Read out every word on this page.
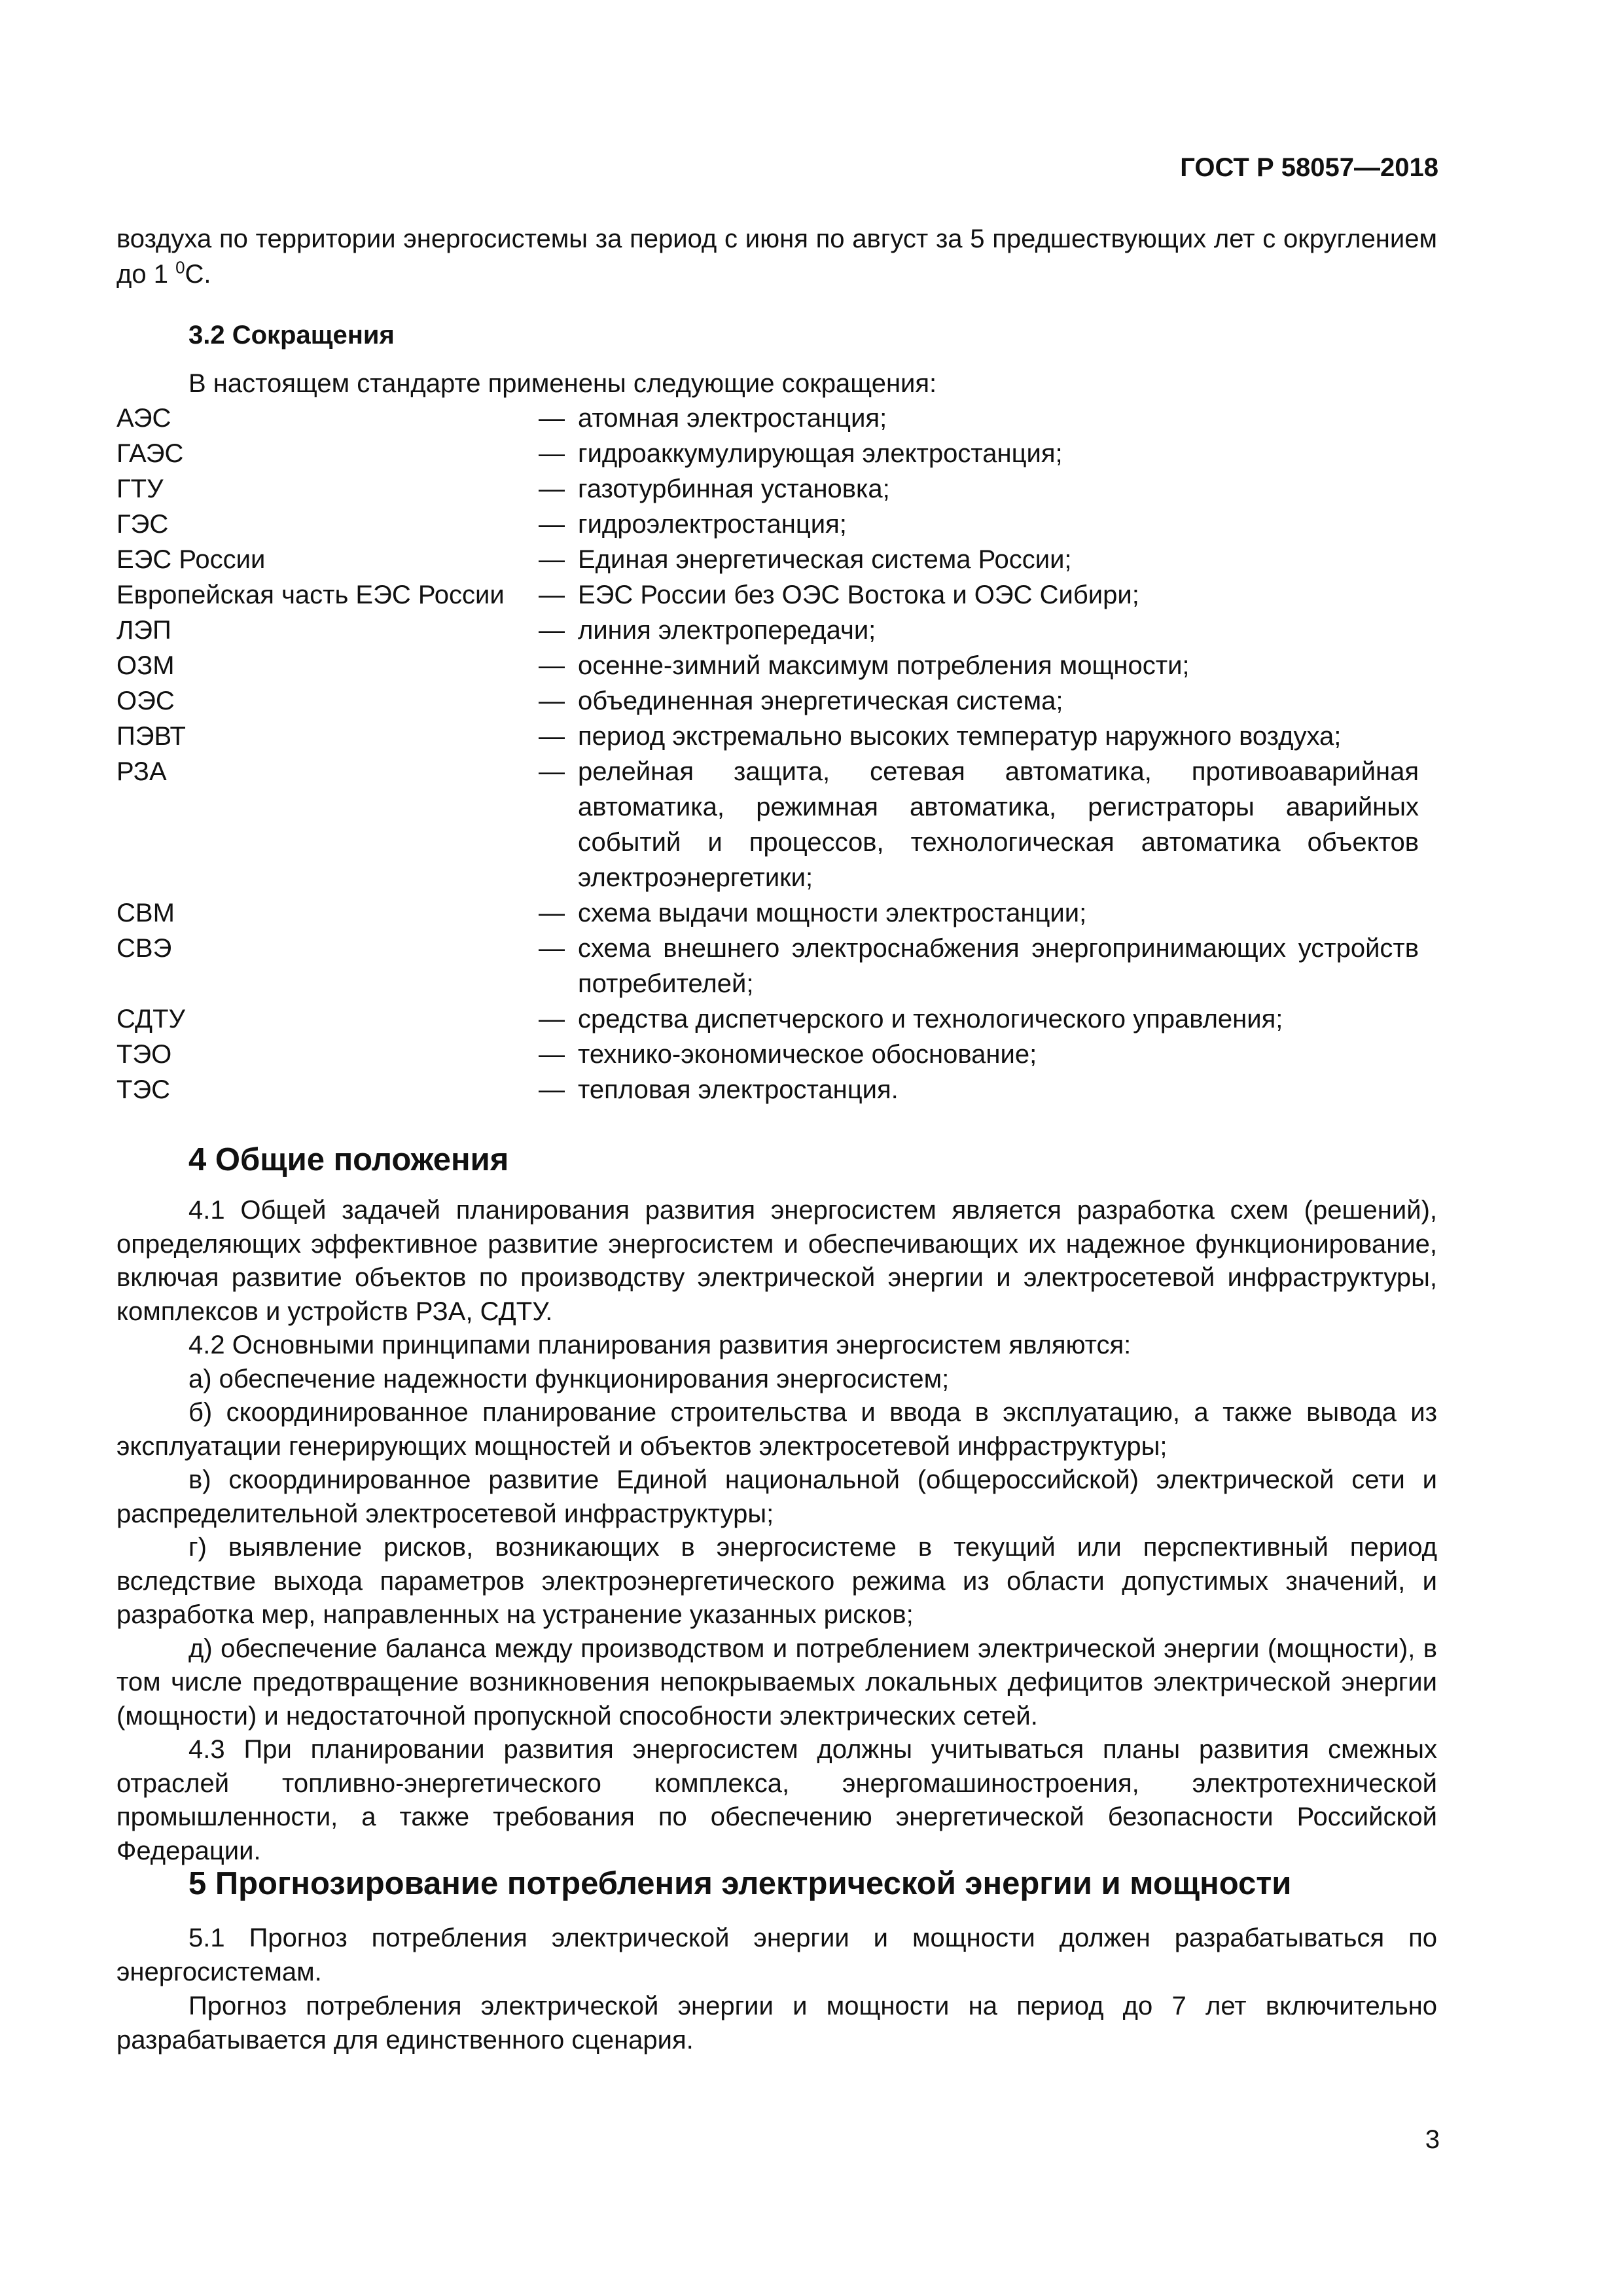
ГОСТ Р 58057—2018
воздуха по территории энергосистемы за период с июня по август за 5 предшествующих лет с округлением до 1 $^0$C.
3.2 Сокращения
В настоящем стандарте применены следующие сокращения:
АЭС	— атомная электростанция;
ГАЭС	— гидроаккумулирующая электростанция;
ГТУ	— газотурбинная установка;
ГЭС	— гидроэлектростанция;
ЕЭС России	— Единая энергетическая система России;
Европейская часть ЕЭС России	— ЕЭС России без ОЭС Востока и ОЭС Сибири;
ЛЭП	— линия электропередачи;
ОЗМ	— осенне-зимний максимум потребления мощности;
ОЭС	— объединенная энергетическая система;
ПЭВТ	— период экстремально высоких температур наружного воздуха;
РЗА	— релейная защита, сетевая автоматика, противоаварийная автоматика, режимная автоматика, регистраторы аварийных событий и процессов, технологическая автоматика объектов электроэнергетики;
СВМ	— схема выдачи мощности электростанции;
СВЭ	— схема внешнего электроснабжения энергопринимающих устройств потребителей;
СДТУ	— средства диспетчерского и технологического управления;
ТЭО	— технико-экономическое обоснование;
ТЭС	— тепловая электростанция.
4 Общие положения

4.1 Общей задачей планирования развития энергосистем является разработка схем (решений), определяющих эффективное развитие энергосистем и обеспечивающих их надежное функционирование, включая развитие объектов по производству электрической энергии и электросетевой инфраструктуры, комплексов и устройств РЗА, СДТУ.

4.2 Основными принципами планирования развития энергосистем являются:

а) обеспечение надежности функционирования энергосистем;

б) скоординированное планирование строительства и ввода в эксплуатацию, а также вывода из эксплуатации генерирующих мощностей и объектов электросетевой инфраструктуры;

в) скоординированное развитие Единой национальной (общероссийской) электрической сети и распределительной электросетевой инфраструктуры;

г) выявление рисков, возникающих в энергосистеме в текущий или перспективный период вследствие выхода параметров электроэнергетического режима из области допустимых значений, и разработка мер, направленных на устранение указанных рисков;

д) обеспечение баланса между производством и потреблением электрической энергии (мощности), в том числе предотвращение возникновения непокрываемых локальных дефицитов электрической энергии (мощности) и недостаточной пропускной способности электрических сетей.

4.3 При планировании развития энергосистем должны учитываться планы развития смежных отраслей топливно-энергетического комплекса, энергомашиностроения, электротехнической промышленности, а также требования по обеспечению энергетической безопасности Российской Федерации.

5 Прогнозирование потребления электрической энергии и мощности

5.1 Прогноз потребления электрической энергии и мощности должен разрабатываться по энергосистемам.

Прогноз потребления электрической энергии и мощности на период до 7 лет включительно разрабатывается для единственного сценария.

3
